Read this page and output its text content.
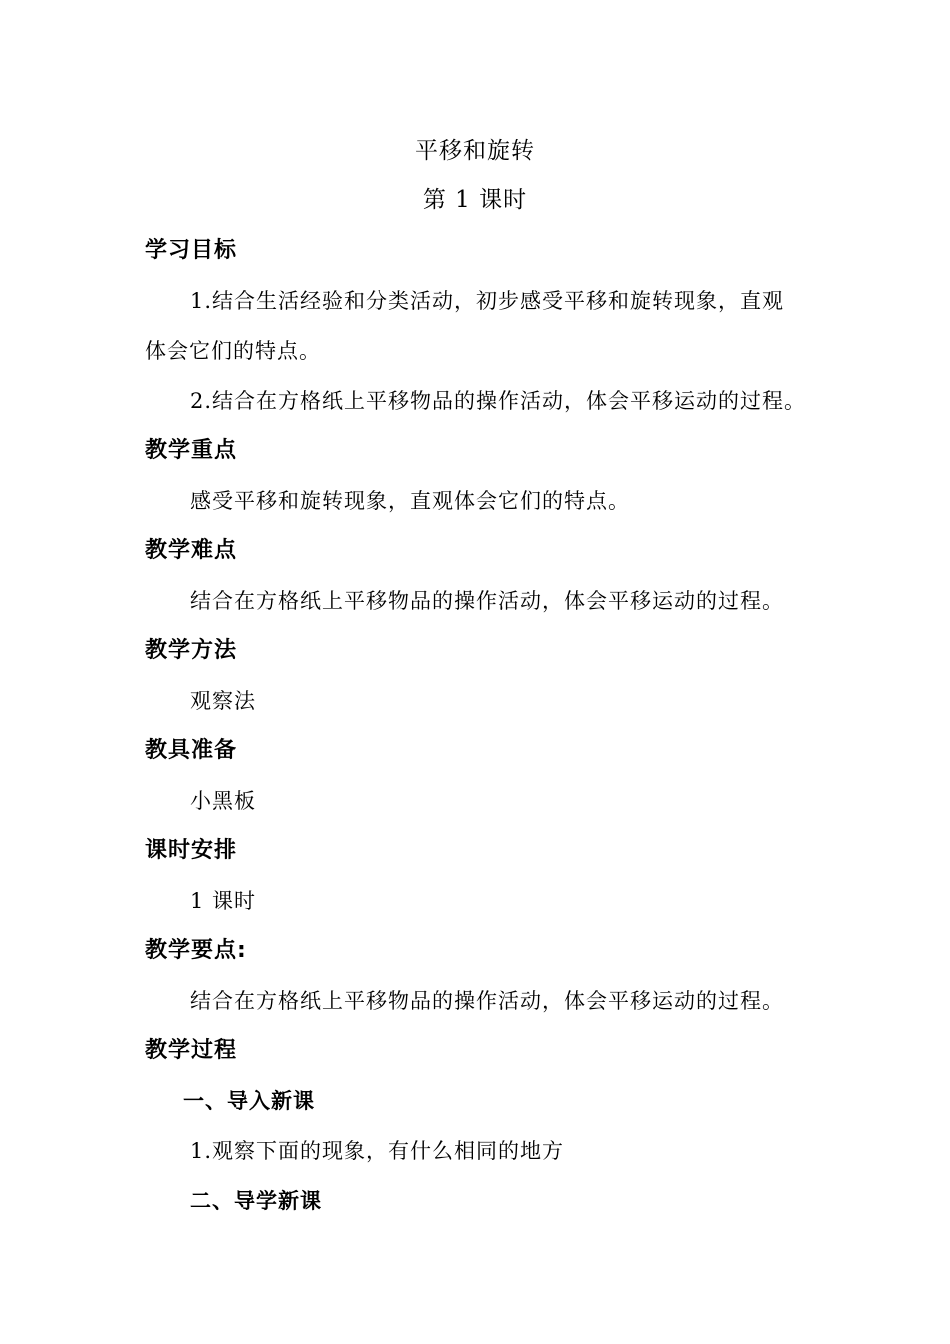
平移和旋转
第 1 课时
学习目标
1.结合生活经验和分类活动，初步感受平移和旋转现象，直观
体会它们的特点。
2.结合在方格纸上平移物品的操作活动，体会平移运动的过程。
教学重点
感受平移和旋转现象，直观体会它们的特点。
教学难点
结合在方格纸上平移物品的操作活动，体会平移运动的过程。
教学方法
观察法
教具准备
小黑板
课时安排
1 课时
教学要点:
结合在方格纸上平移物品的操作活动，体会平移运动的过程。
教学过程
一、导入新课
1.观察下面的现象，有什么相同的地方
二、导学新课
